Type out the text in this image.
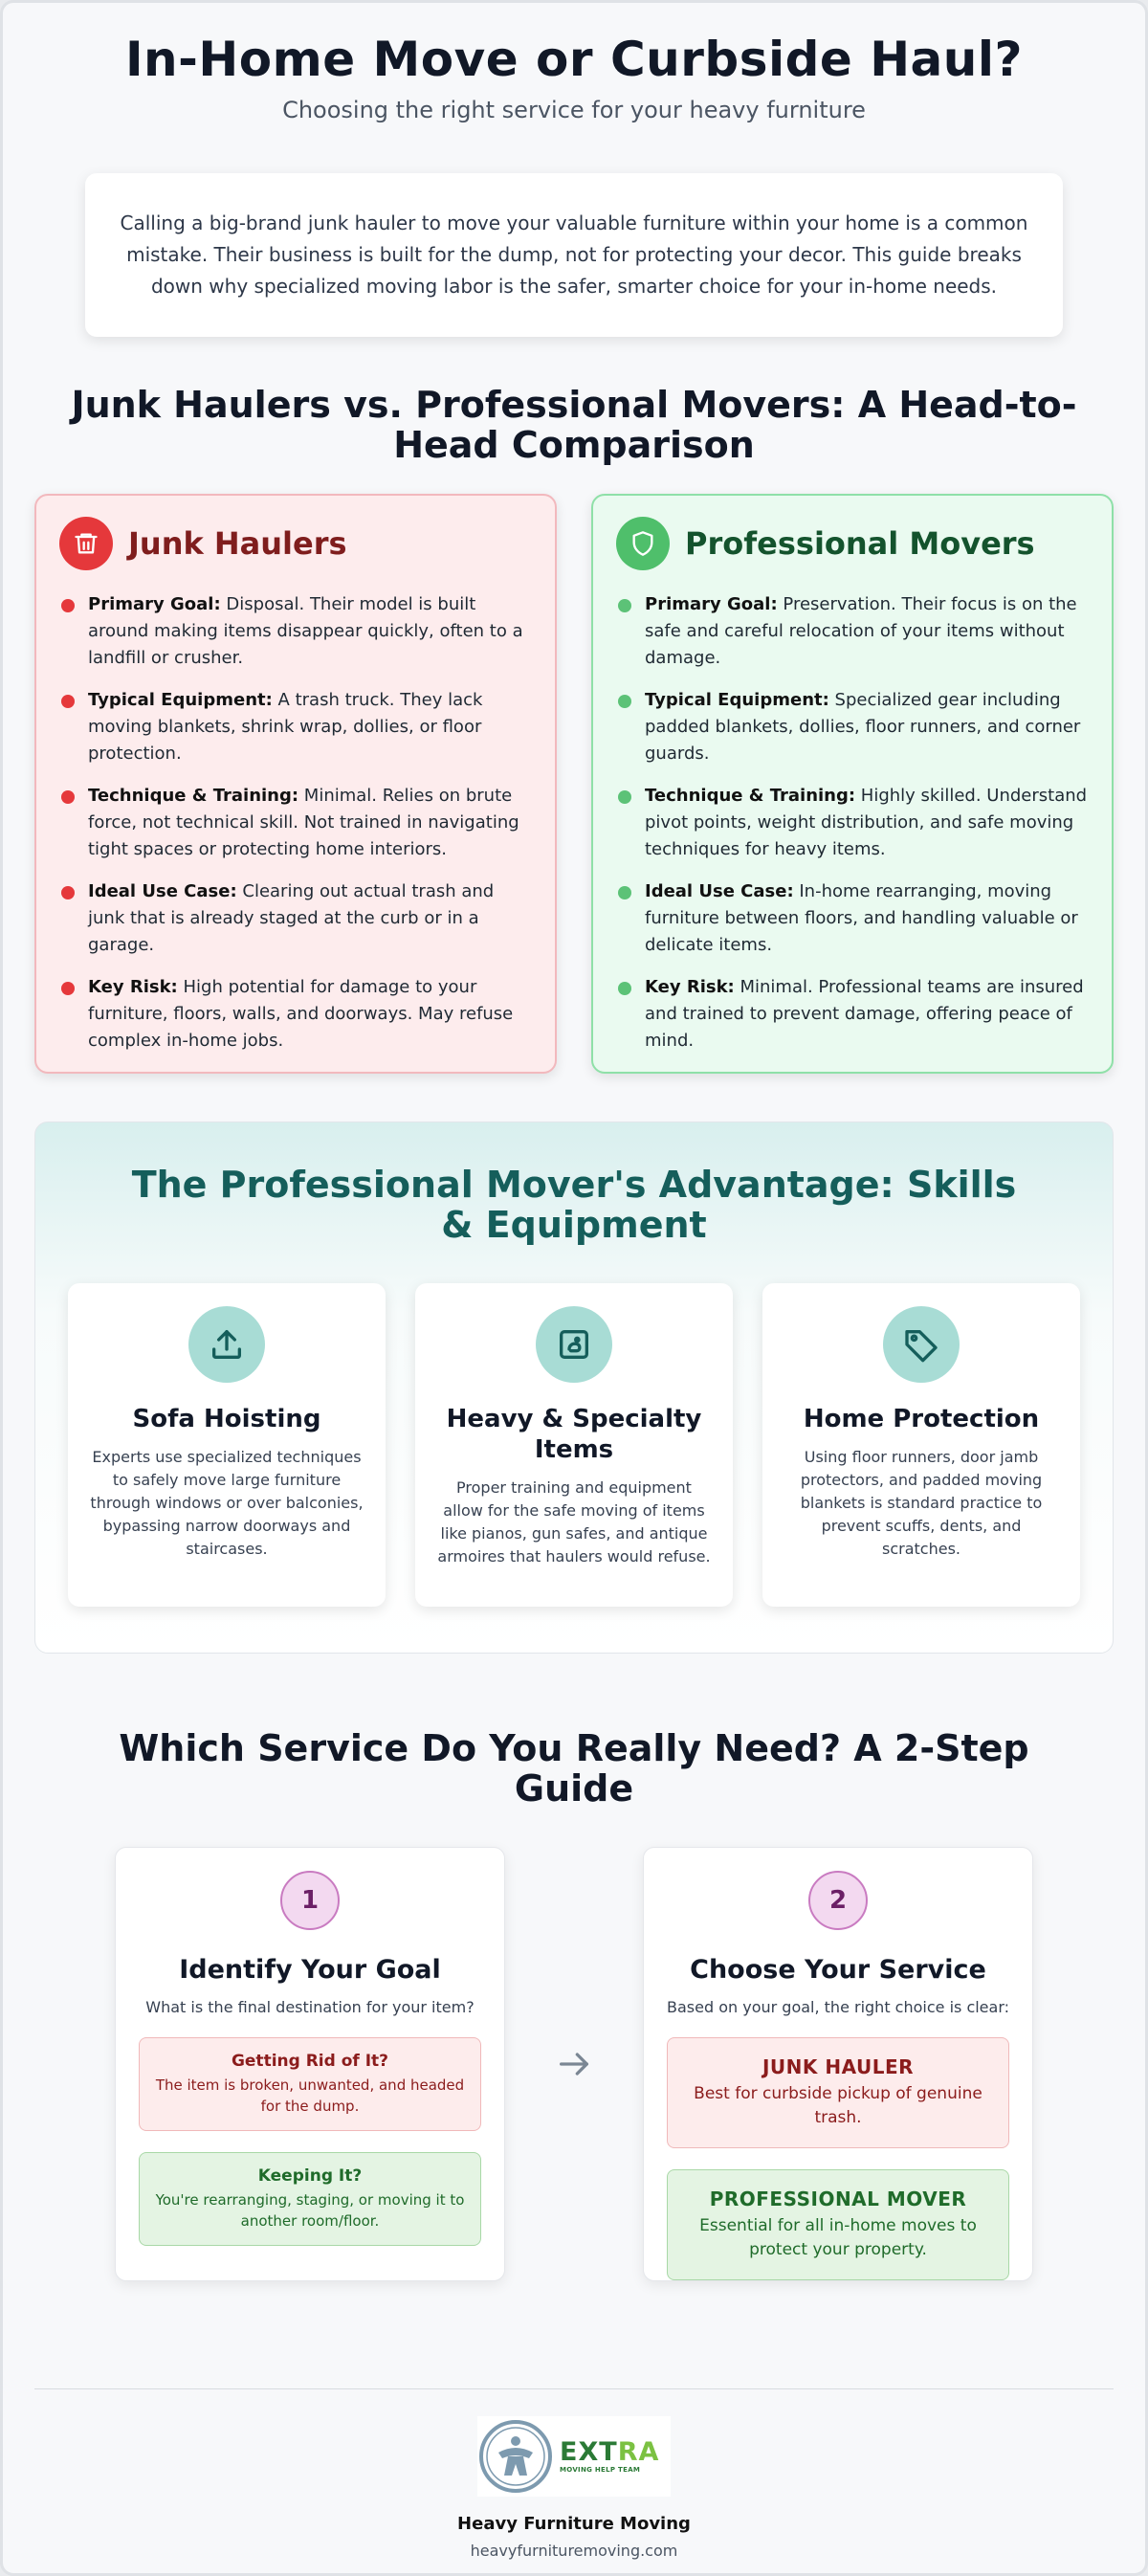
In-Home Move or Curbside Haul?
Choosing the right service for your heavy furniture
Calling a big-brand junk hauler to move your valuable furniture within your home is a common mistake. Their business is built for the dump, not for protecting your decor. This guide breaks down why specialized moving labor is the safer, smarter choice for your in-home needs.
Junk Haulers vs. Professional Movers: A Head-to-Head Comparison
Junk Haulers
Primary Goal: Disposal. Their model is built around making items disappear quickly, often to a landfill or crusher.
Typical Equipment: A trash truck. They lack moving blankets, shrink wrap, dollies, or floor protection.
Technique & Training: Minimal. Relies on brute force, not technical skill. Not trained in navigating tight spaces or protecting home interiors.
Ideal Use Case: Clearing out actual trash and junk that is already staged at the curb or in a garage.
Key Risk: High potential for damage to your furniture, floors, walls, and doorways. May refuse complex in-home jobs.
Professional Movers
Primary Goal: Preservation. Their focus is on the safe and careful relocation of your items without damage.
Typical Equipment: Specialized gear including padded blankets, dollies, floor runners, and corner guards.
Technique & Training: Highly skilled. Understand pivot points, weight distribution, and safe moving techniques for heavy items.
Ideal Use Case: In-home rearranging, moving furniture between floors, and handling valuable or delicate items.
Key Risk: Minimal. Professional teams are insured and trained to prevent damage, offering peace of mind.
The Professional Mover's Advantage: Skills & Equipment
Sofa Hoisting

Experts use specialized techniques to safely move large furniture through windows or over balconies, bypassing narrow doorways and staircases.

Heavy & Specialty Items

Proper training and equipment allow for the safe moving of items like pianos, gun safes, and antique armoires that haulers would refuse.

Home Protection

Using floor runners, door jamb protectors, and padded moving blankets is standard practice to prevent scuffs, dents, and scratches.

Which Service Do You Really Need? A 2-Step Guide
1
Identify Your Goal
What is the final destination for your item?
Getting Rid of It?
The item is broken, unwanted, and headed for the dump.
Keeping It?
You're rearranging, staging, or moving it to another room/floor.
2
Choose Your Service
Based on your goal, the right choice is clear:
JUNK HAULER
Best for curbside pickup of genuine trash.
PROFESSIONAL MOVER
Essential for all in-home moves to protect your property.
EXTRA
MOVING HELP TEAM
Heavy Furniture Moving
heavyfurnituremoving.com
